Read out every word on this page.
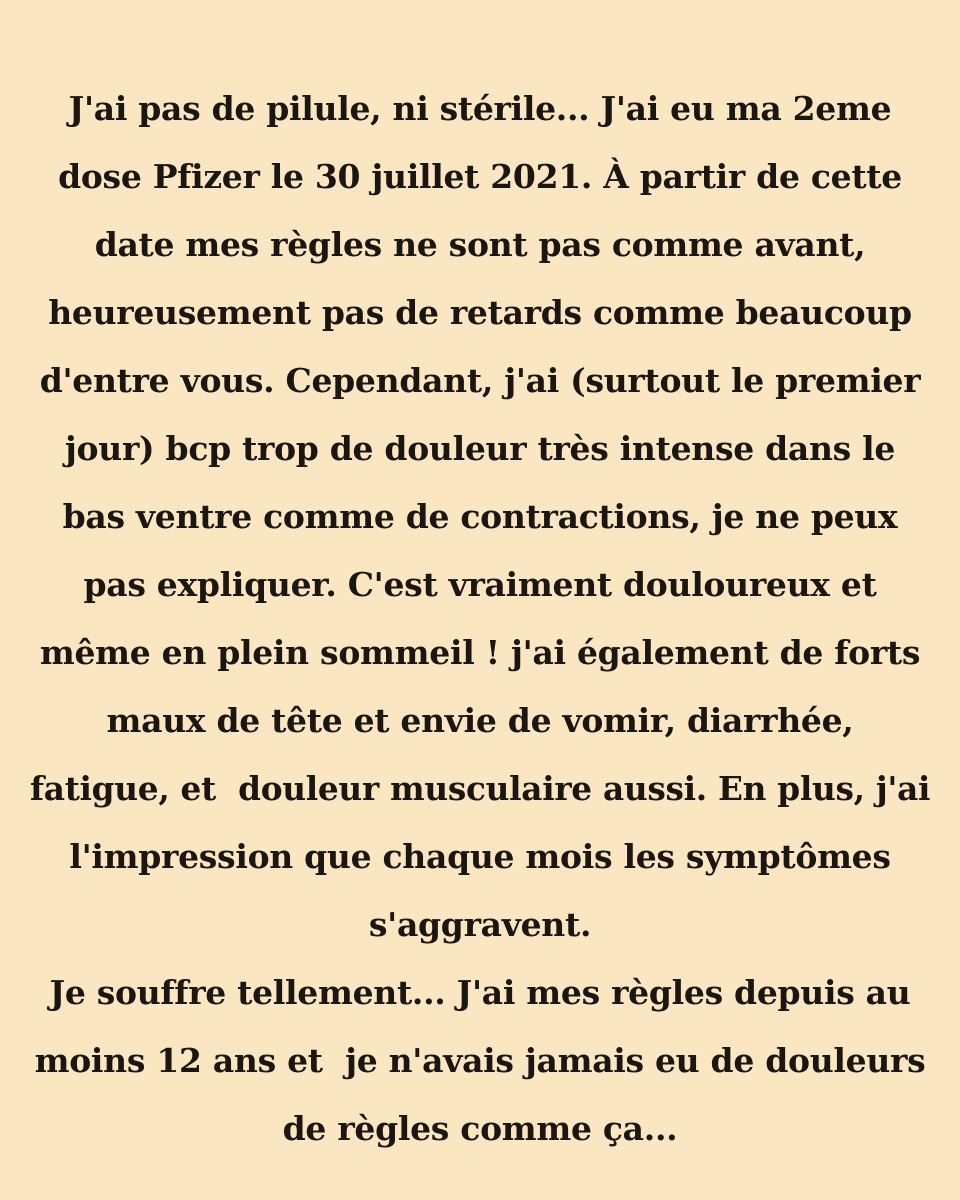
J'ai pas de pilule, ni stérile... J'ai eu ma 2eme
dose Pfizer le 30 juillet 2021. À partir de cette
date mes règles ne sont pas comme avant,
heureusement pas de retards comme beaucoup
d'entre vous. Cependant, j'ai (surtout le premier
jour) bcp trop de douleur très intense dans le
bas ventre comme de contractions, je ne peux
pas expliquer. C'est vraiment douloureux et
même en plein sommeil ! j'ai également de forts
maux de tête et envie de vomir, diarrhée,
fatigue, et  douleur musculaire aussi. En plus, j'ai
l'impression que chaque mois les symptômes
s'aggravent.
Je souffre tellement... J'ai mes règles depuis au
moins 12 ans et  je n'avais jamais eu de douleurs
de règles comme ça...
